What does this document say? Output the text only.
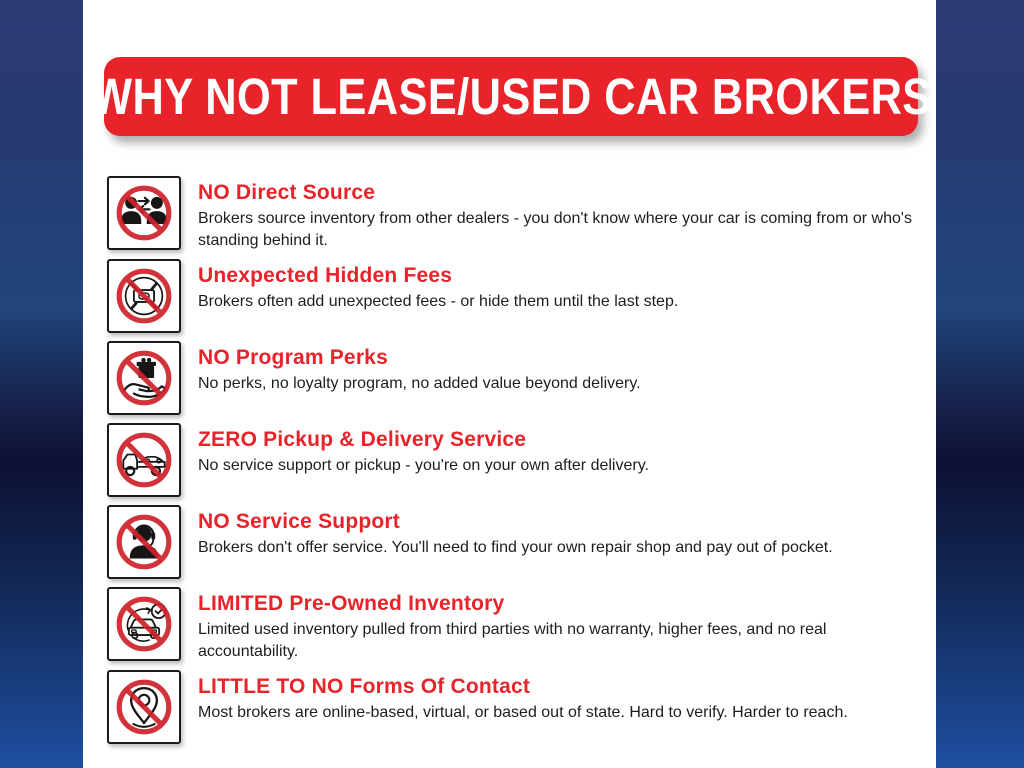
WHY NOT LEASE/USED CAR BROKERS
NO Direct Source

Brokers source inventory from other dealers - you don't know where your car is coming from or who's standing behind it.

Unexpected Hidden Fees

Brokers often add unexpected fees - or hide them until the last step.

NO Program Perks

No perks, no loyalty program, no added value beyond delivery.

ZERO Pickup & Delivery Service

No service support or pickup - you're on your own after delivery.

NO Service Support

Brokers don't offer service. You'll need to find your own repair shop and pay out of pocket.

LIMITED Pre-Owned Inventory

Limited used inventory pulled from third parties with no warranty, higher fees, and no real accountability.

LITTLE TO NO Forms Of Contact

Most brokers are online-based, virtual, or based out of state. Hard to verify. Harder to reach.
